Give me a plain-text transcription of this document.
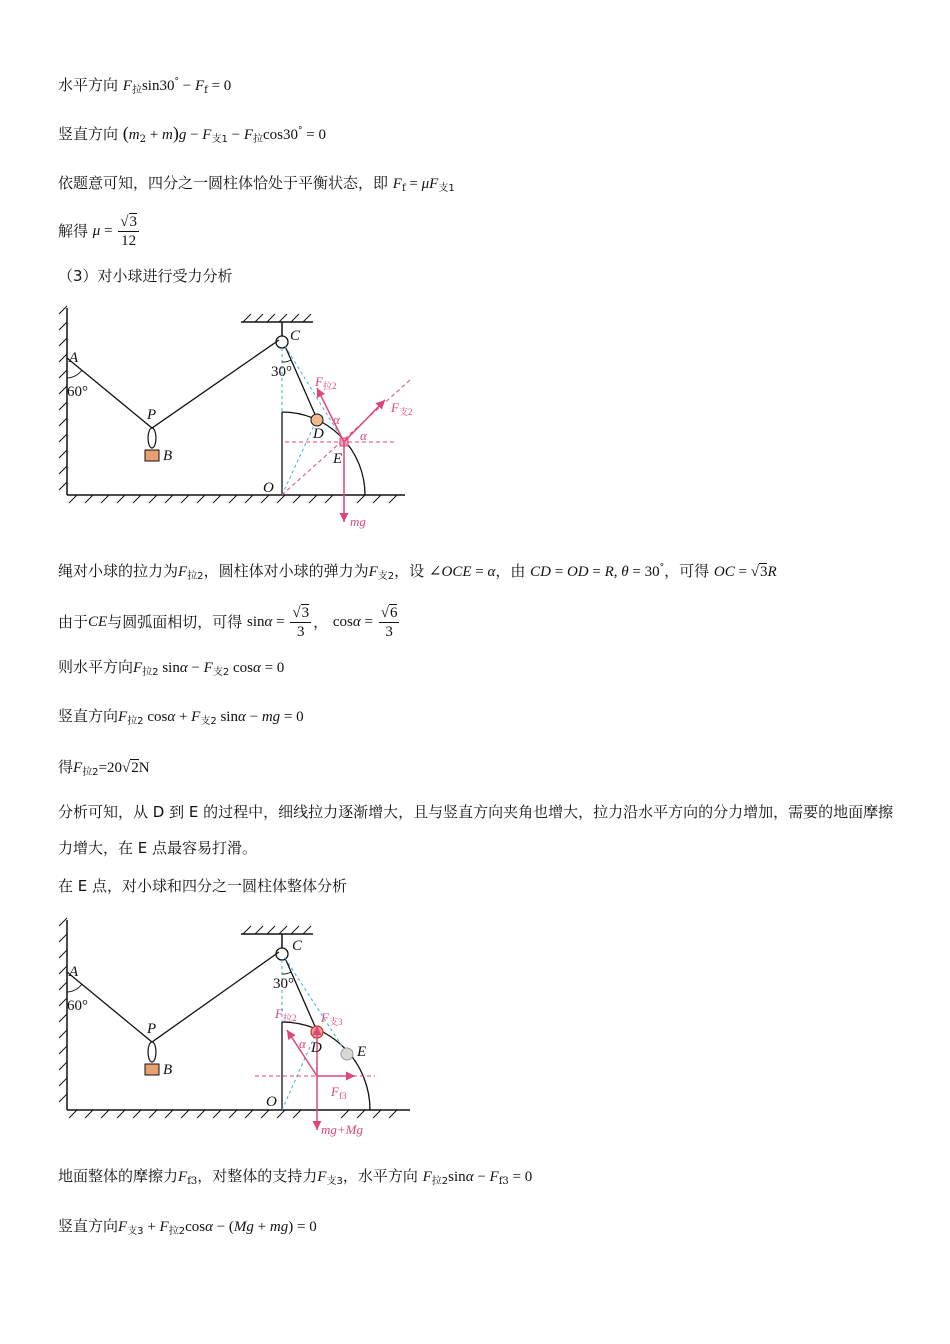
水平方向 $F_拉\sin 30^\circ - F_f = 0$
竖直方向 $(m_2 + m)g - F_{支1} - F_拉\cos 30^\circ = 0$
依题意可知，四分之一圆柱体恰处于平衡状态，即 $F_f = \mu F_{支1}$
解得 $\mu = \frac{√3}{12}$
（3）对小球进行受力分析
A
60°
P
B
C
30°
D
E
O
α
α
$F_{拉2}$
$F_{支2}$
mg
绳对小球的拉力为$F_{拉2}$，圆柱体对小球的弹力为$F_{支2}$，设 ∠OCE = α，由 CD = OD = R, θ = 30°，可得 OC = √3R
由于CE与圆弧面相切，可得 $\sin\alpha = \frac{√3}{3}$ ， $\cos\alpha = \frac{√6}{3}$
则水平方向$F_{拉2}$ $\sin\alpha - F_{支2}$ cosα = 0
竖直方向$F_{拉2}$ $\cos\alpha + F_{支2}$ sinα − mg = 0
得$F_{拉2}=20√2N$
分析可知，从 D 到 E 的过程中，细线拉力逐渐增大，且与竖直方向夹角也增大，拉力沿水平方向的分力增加，需要的地面摩擦力增大，在 E 点最容易打滑。
在 E 点，对小球和四分之一圆柱体整体分析
A
60°
P
B
C
30°
D E
O
α
$F_{拉2}$ $F_{支3}$
$F_{f3}$
mg+Mg
地面整体的摩擦力$F_{f3}$，对整体的支持力$F_{支3}$，水平方向 $F_{拉2}\sin\alpha - F_{f3} = 0$
竖直方向$F_{支3} + F_{拉2}\cos\alpha - (Mg + mg) = 0$
